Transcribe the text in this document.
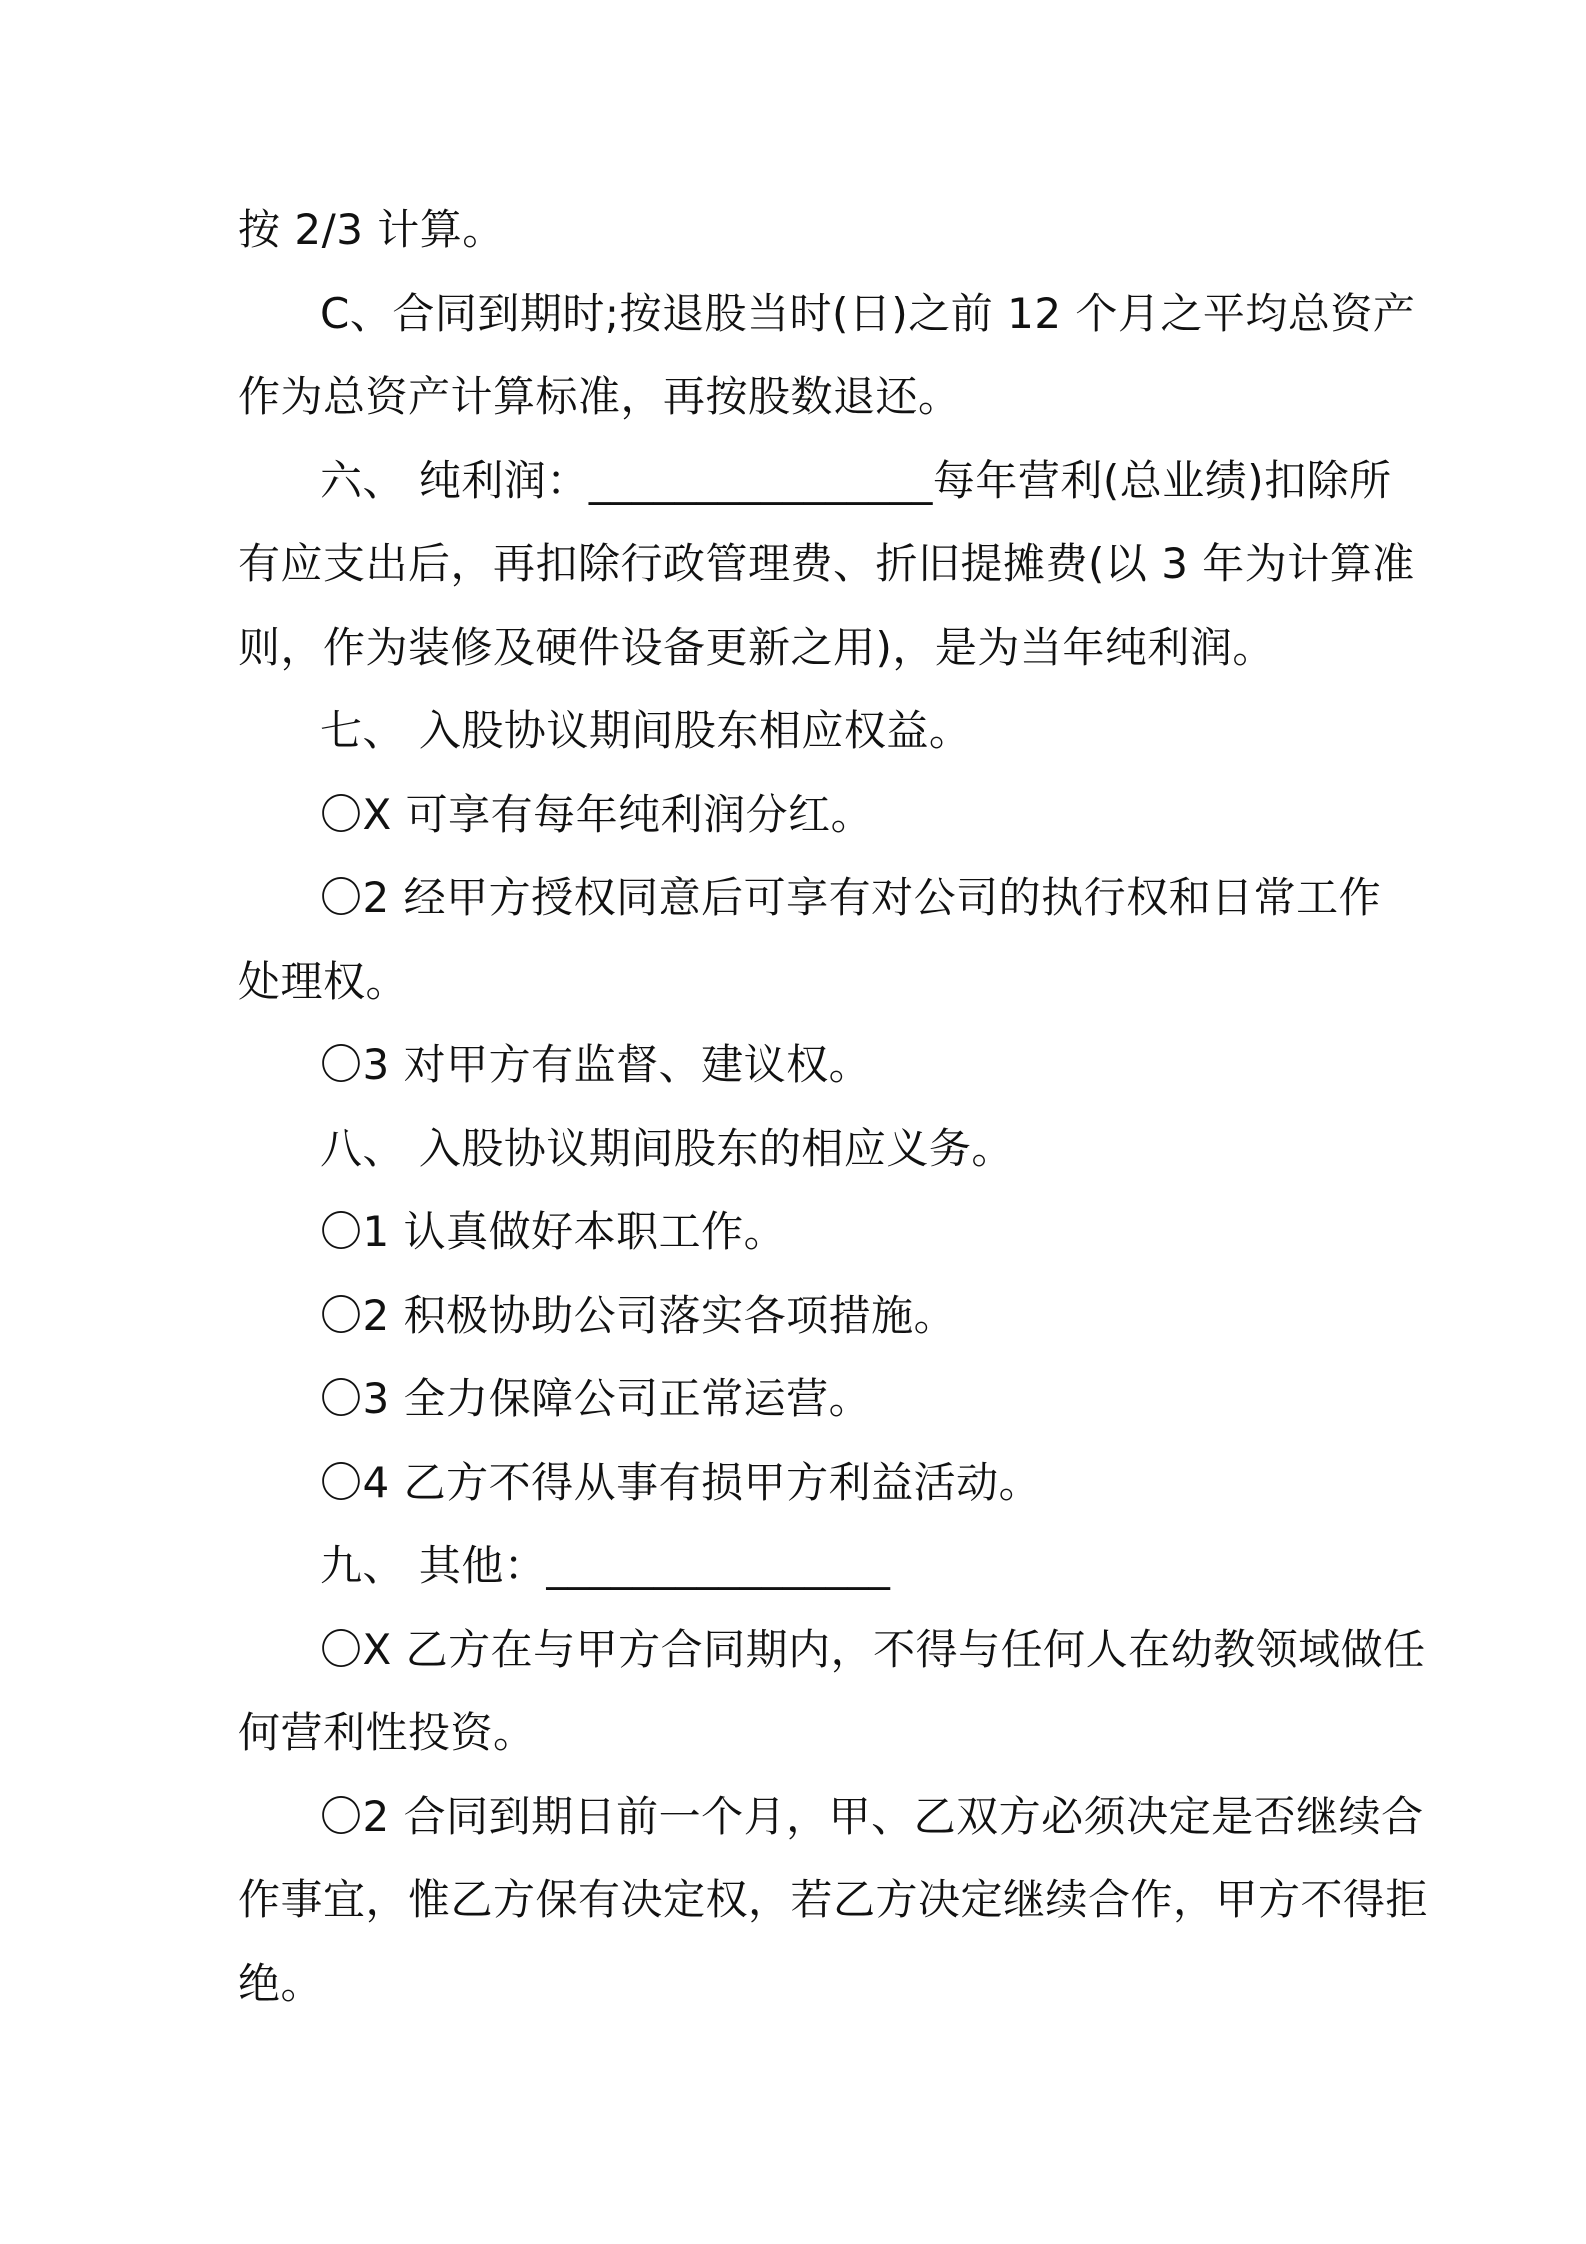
按 2/3 计算。
C、合同到期时;按退股当时(日)之前 12 个月之平均总资产
作为总资产计算标准，再按股数退还。
六、 纯利润：________________每年营利(总业绩)扣除所
有应支出后，再扣除行政管理费、折旧提摊费(以 3 年为计算准
则，作为装修及硬件设备更新之用)，是为当年纯利润。
七、 入股协议期间股东相应权益。
〇X 可享有每年纯利润分红。
〇2 经甲方授权同意后可享有对公司的执行权和日常工作
处理权。
〇3 对甲方有监督、建议权。
八、 入股协议期间股东的相应义务。
〇1 认真做好本职工作。
〇2 积极协助公司落实各项措施。
〇3 全力保障公司正常运营。
〇4 乙方不得从事有损甲方利益活动。
九、 其他：________________
〇X 乙方在与甲方合同期内，不得与任何人在幼教领域做任
何营利性投资。
〇2 合同到期日前一个月，甲、乙双方必须决定是否继续合
作事宜，惟乙方保有决定权，若乙方决定继续合作，甲方不得拒
绝。
